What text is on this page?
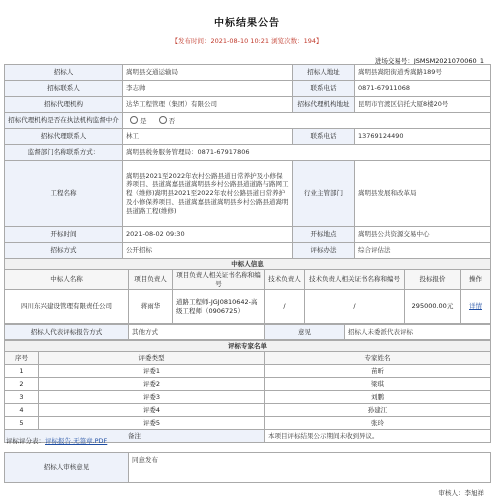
中标结果公告
【发布时间：2021-08-10 10:21 浏览次数：194】
进场交易号：JSMSM2021070060_1
招标人	嵩明县交通运输局	招标人地址	嵩明县嵩阳街道秀嵩路189号
招标联系人	李志帅	联系电话	0871-67911068
招标代理机构	达华工程管理（集团）有限公司	招标代理机构地址	昆明市官渡区信托大厦8楼20号
招标代理机构是否在执法机构监督中介	是 否		
招标代理联系人	林工	联系电话	13769124490
监督部门名称联系方式：	嵩明县税务服务管理局：0871-67917806		
工程名称	嵩明县2021至2022年农村公路县道日常养护及小修保养项目、县道嵩嘉县道嵩明县乡村公路县道道路与路网工程（维修)嵩明县2021至2022年农村公路县道日常养护及小修保养项目、县道嵩嘉县道嵩明县乡村公路县道嵩明县道路工程(维修)	行业主管部门	嵩明县发展和改革局
开标时间	2021-08-02 09:30	开标地点	嵩明县公共资源交易中心
招标方式	公开招标	评标办法	综合评估法
中标人信息						
中标人名称	项目负责人	项目负责人相关证书名称和编号	技术负责人	技术负责人相关证书名称和编号	投标报价	操作
四川东兴建设管理有限责任公司	蒋雨华	道路工程师-JGJ0810642-高级工程师（0906725）	/	/	295000.00元	详情
招标人代表评标报告方式	其他方式	意见	招标人未委派代表评标
评标专家名单		
序号	评委类型	专家姓名
1	评委1	苗昕
2	评委2	梁琪
3	评委3	刘鹏
4	评委4	孙建江
5	评委5	张玲
备注		本项目评标结果公示期间未收到异议。
评标评分表：评标报告.无签章.PDF
招标人审核意见	同意发布
审核人：李旭祥
